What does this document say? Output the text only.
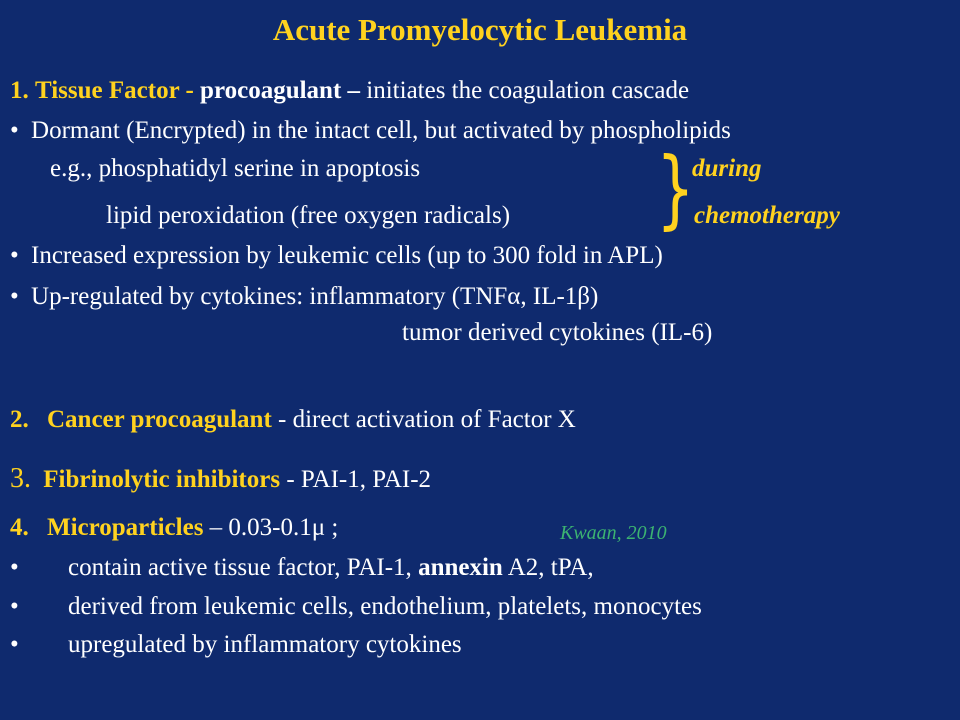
Acute Promyelocytic Leukemia
1. Tissue Factor - procoagulant – initiates the coagulation cascade
• Dormant (Encrypted) in the intact cell, but activated by phospholipids
e.g., phosphatidyl serine in apoptosis
lipid peroxidation (free oxygen radicals) }
during
chemotherapy
• Increased expression by leukemic cells (up to 300 fold in APL)
• Up-regulated by cytokines: inflammatory (TNFα, IL-1β)
tumor derived cytokines (IL-6)
2. Cancer procoagulant - direct activation of Factor X
3. Fibrinolytic inhibitors - PAI-1, PAI-2
4. Microparticles – 0.03-0.1μ ;	Kwaan, 2010
• contain active tissue factor, PAI-1, annexin A2, tPA,
• derived from leukemic cells, endothelium, platelets, monocytes
• upregulated by inflammatory cytokines
